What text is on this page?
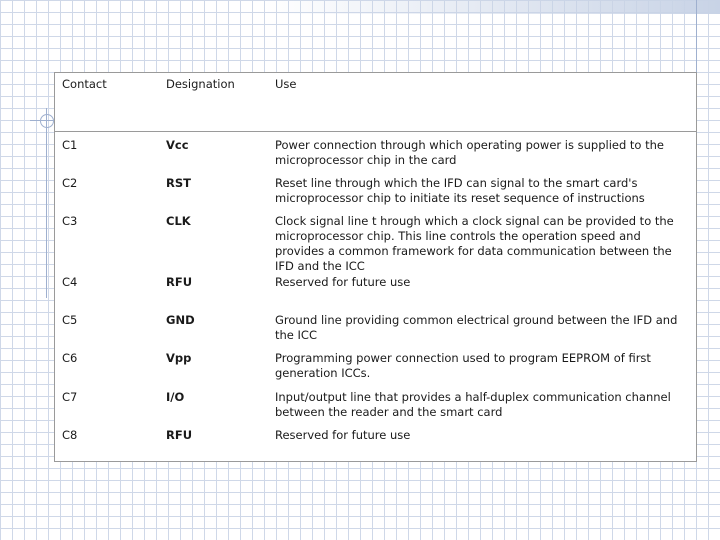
Contact	Designation	Use
C1	Vcc	Power connection through which operating power is supplied to the microprocessor chip in the card
C2	RST	Reset line through which the IFD can signal to the smart card's microprocessor chip to initiate its reset sequence of instructions
C3	CLK	Clock signal line t hrough which a clock signal can be provided to the microprocessor chip. This line controls the operation speed and provides a common framework for data communication between the IFD and the ICC
C4	RFU	Reserved for future use
C5	GND	Ground line providing common electrical ground between the IFD and the ICC
C6	Vpp	Programming power connection used to program EEPROM of first generation ICCs.
C7	I/O	Input/output line that provides a half-duplex communication channel between the reader and the smart card
C8	RFU	Reserved for future use
